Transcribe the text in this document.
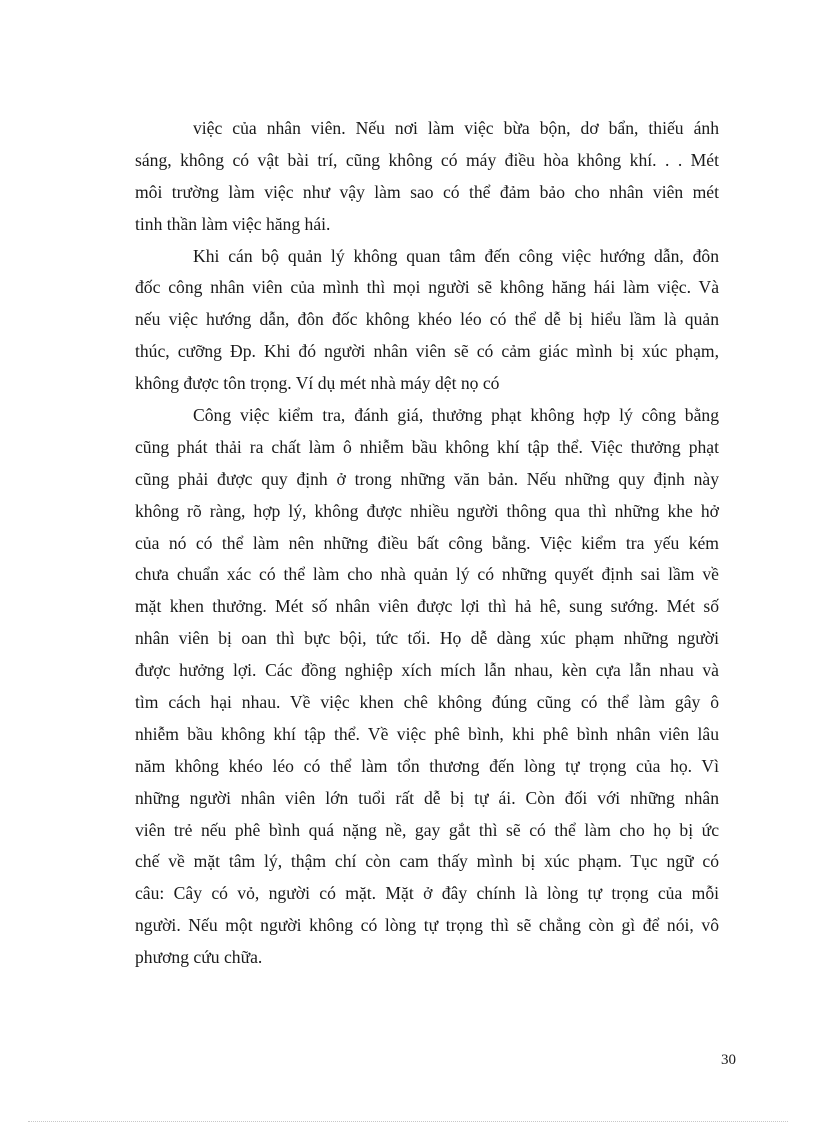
việc của nhân viên. Nếu nơi làm việc bừa bộn, dơ bẩn, thiếu ánh
sáng, không có vật bài trí, cũng không có máy điều hòa không khí. . . Mét
môi trường làm việc như vậy làm sao có thể đảm bảo cho nhân viên mét
tinh thần làm việc hăng hái.
Khi cán bộ quản lý không quan tâm đến công việc hướng dẫn, đôn
đốc công nhân viên của mình thì mọi người sẽ không hăng hái làm việc. Và
nếu việc hướng dẫn, đôn đốc không khéo léo có thể dễ bị hiểu lầm là quản
thúc, cưỡng Đp. Khi đó người nhân viên sẽ có cảm giác mình bị xúc phạm,
không được tôn trọng. Ví dụ mét nhà máy dệt nọ có
Công việc kiểm tra, đánh giá, thưởng phạt không hợp lý công bằng
cũng phát thải ra chất làm ô nhiễm bầu không khí tập thể. Việc thưởng phạt
cũng phải được quy định ở trong những văn bản. Nếu những quy định này
không rõ ràng, hợp lý, không được nhiều người thông qua thì những khe hở
của nó có thể làm nên những điều bất công bằng. Việc kiểm tra yếu kém
chưa chuẩn xác có thể làm cho nhà quản lý có những quyết định sai lầm về
mặt khen thưởng. Mét số nhân viên được lợi thì hả hê, sung sướng. Mét số
nhân viên bị oan thì bực bội, tức tối. Họ dễ dàng xúc phạm những người
được hưởng lợi. Các đồng nghiệp xích mích lẫn nhau, kèn cựa lẫn nhau và
tìm cách hại nhau. Về việc khen chê không đúng cũng có thể làm gây ô
nhiễm bầu không khí tập thể. Về việc phê bình, khi phê bình nhân viên lâu
năm không khéo léo có thể làm tổn thương đến lòng tự trọng của họ. Vì
những người nhân viên lớn tuổi rất dễ bị tự ái. Còn đối với những nhân
viên trẻ nếu phê bình quá nặng nề, gay gắt thì sẽ có thể làm cho họ bị ức
chế về mặt tâm lý, thậm chí còn cam thấy mình bị xúc phạm. Tục ngữ có
câu: Cây có vỏ, người có mặt. Mặt ở đây chính là lòng tự trọng của mỗi
người. Nếu một người không có lòng tự trọng thì sẽ chẳng còn gì để nói, vô
phương cứu chữa.
30
